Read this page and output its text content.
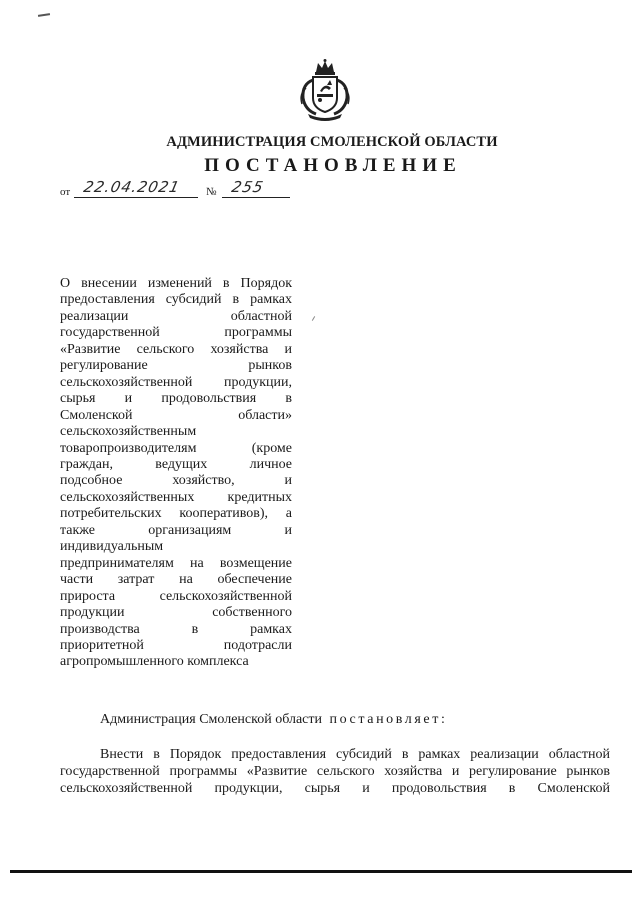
АДМИНИСТРАЦИЯ СМОЛЕНСКОЙ ОБЛАСТИ
ПОСТАНОВЛЕНИЕ
от 22.04.2021 № 255
О внесении изменений в Порядок
предоставления субсидий в рамках
реализации областной
государственной программы
«Развитие сельского хозяйства и
регулирование рынков
сельскохозяйственной продукции,
сырья и продовольствия в
Смоленской области»
сельскохозяйственным
товаропроизводителям (кроме
граждан, ведущих личное
подсобное хозяйство, и
сельскохозяйственных кредитных
потребительских кооперативов), а
также организациям и
индивидуальным
предпринимателям на возмещение
части затрат на обеспечение
прироста сельскохозяйственной
продукции собственного
производства в рамках
приоритетной подотрасли
агропромышленного комплекса
Администрация Смоленской области постановляет:
Внести в Порядок предоставления субсидий в рамках реализации областной государственной программы «Развитие сельского хозяйства и регулирование рынков сельскохозяйственной продукции, сырья и продовольствия в Смоленской
